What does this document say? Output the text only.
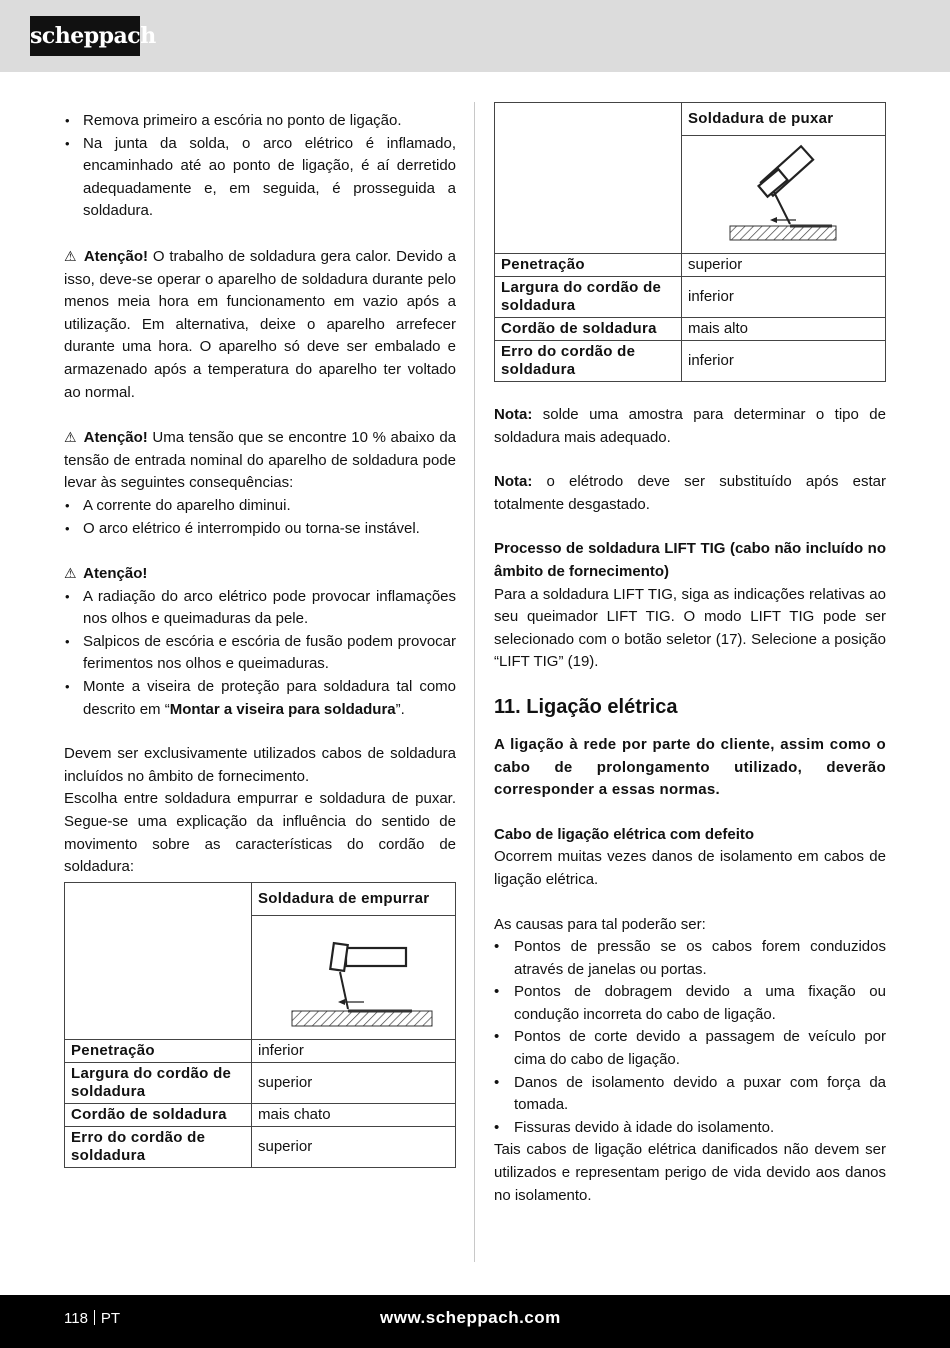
scheppach
• Remova primeiro a escória no ponto de ligação.
• Na junta da solda, o arco elétrico é inflamado, encaminhado até ao ponto de ligação, é aí derretido adequadamente e, em seguida, é prosseguida a soldadura.

⚠ Atenção! O trabalho de soldadura gera calor. Devido a isso, deve-se operar o aparelho de soldadura durante pelo menos meia hora em funcionamento em vazio após a utilização. Em alternativa, deixe o aparelho arrefecer durante uma hora. O aparelho só deve ser embalado e armazenado após a temperatura do aparelho ter voltado ao normal.

⚠ Atenção! Uma tensão que se encontre 10 % abaixo da tensão de entrada nominal do aparelho de soldadura pode levar às seguintes consequências:

• A corrente do aparelho diminui.
• O arco elétrico é interrompido ou torna-se instável.

⚠ Atenção!

• A radiação do arco elétrico pode provocar inflamações nos olhos e queimaduras da pele.
• Salpicos de escória e escória de fusão podem provocar ferimentos nos olhos e queimaduras.
• Monte a viseira de proteção para soldadura tal como descrito em “Montar a viseira para soldadura”.

Devem ser exclusivamente utilizados cabos de soldadura incluídos no âmbito de fornecimento.

Escolha entre soldadura empurrar e soldadura de puxar. Segue-se uma explicação da influência do sentido de movimento sobre as características do cordão de soldadura:

	Soldadura de empurrar

Penetração	inferior
Largura do cordão de soldadura	superior
Cordão de soldadura	mais chato
Erro do cordão de soldadura	superior
	Soldadura de puxar

Penetração	superior
Largura do cordão de soldadura	inferior
Cordão de soldadura	mais alto
Erro do cordão de soldadura	inferior

Nota: solde uma amostra para determinar o tipo de soldadura mais adequado.

Nota: o elétrodo deve ser substituído após estar totalmente desgastado.

Processo de soldadura LIFT TIG (cabo não incluído no âmbito de fornecimento)

Para a soldadura LIFT TIG, siga as indicações relativas ao seu queimador LIFT TIG. O modo LIFT TIG pode ser selecionado com o botão seletor (17). Selecione a posição “LIFT TIG” (19).

11. Ligação elétrica

A ligação à rede por parte do cliente, assim como o cabo de prolongamento utilizado, deverão corresponder a essas normas.

Cabo de ligação elétrica com defeito

Ocorrem muitas vezes danos de isolamento em cabos de ligação elétrica.

As causas para tal poderão ser:

• Pontos de pressão se os cabos forem conduzidos através de janelas ou portas.
• Pontos de dobragem devido a uma fixação ou condução incorreta do cabo de ligação.
• Pontos de corte devido a passagem de veículo por cima do cabo de ligação.
• Danos de isolamento devido a puxar com força da tomada.
• Fissuras devido à idade do isolamento.

Tais cabos de ligação elétrica danificados não devem ser utilizados e representam perigo de vida devido aos danos no isolamento.

118 PT	www.scheppach.com
